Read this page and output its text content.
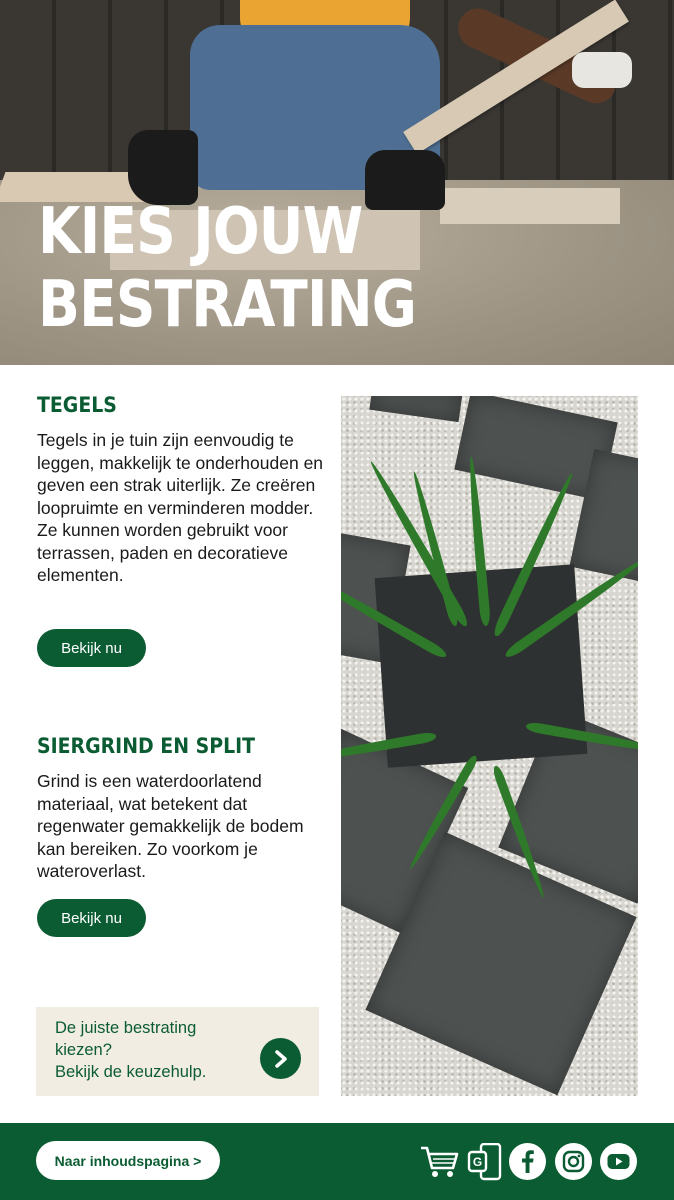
KIES JOUW
BESTRATING
TEGELS
Tegels in je tuin zijn eenvoudig te leggen, makkelijk te onderhouden en geven een strak uiterlijk. Ze creëren loopruimte en verminderen modder. Ze kunnen worden gebruikt voor terrassen, paden en decoratieve elementen.
Bekijk nu
SIERGRIND EN SPLIT
Grind is een waterdoorlatend materiaal, wat betekent dat regenwater gemakkelijk de bodem kan bereiken. Zo voorkom je wateroverlast.
Bekijk nu
De juiste bestrating
kiezen?
Bekijk de keuzehulp.
Naar inhoudspagina >	G
